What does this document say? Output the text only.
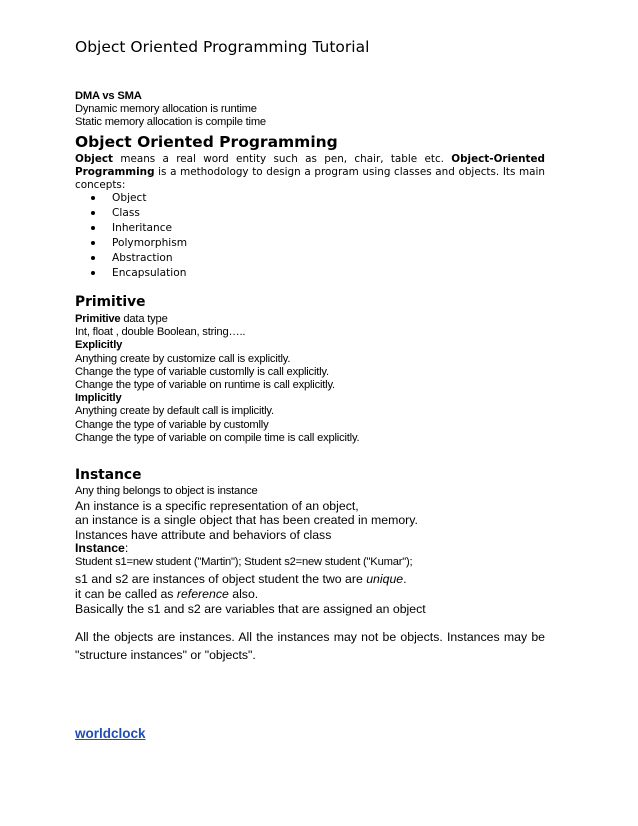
Object Oriented Programming Tutorial
DMA vs SMA
Dynamic memory allocation is runtime
Static memory allocation is compile time
Object Oriented Programming
Object means a real word entity such as pen, chair, table etc. Object-Oriented Programming is a methodology to design a program using classes and objects. Its main concepts:
Object
Class
Inheritance
Polymorphism
Abstraction
Encapsulation
Primitive
Primitive data type
Int, float , double Boolean, string…..
Explicitly
Anything create by customize call is explicitly.
Change the type of variable customlly is call explicitly.
Change the type of variable on runtime is call explicitly.
Implicitly
Anything create by default call is implicitly.
Change the type of variable by customlly
Change the type of variable on compile time is call explicitly.
Instance
Any thing belongs to object is instance
An instance is a specific representation of an object,
an instance is a single object that has been created in memory.
Instances have attribute and behaviors of class
Instance:
Student s1=new student ("Martin"); Student s2=new student ("Kumar");
s1 and s2 are instances of object student the two are unique.
it can be called as reference also.
Basically the s1 and s2 are variables that are assigned an object
All the objects are instances. All the instances may not be objects. Instances may be "structure instances" or "objects".
worldclock
